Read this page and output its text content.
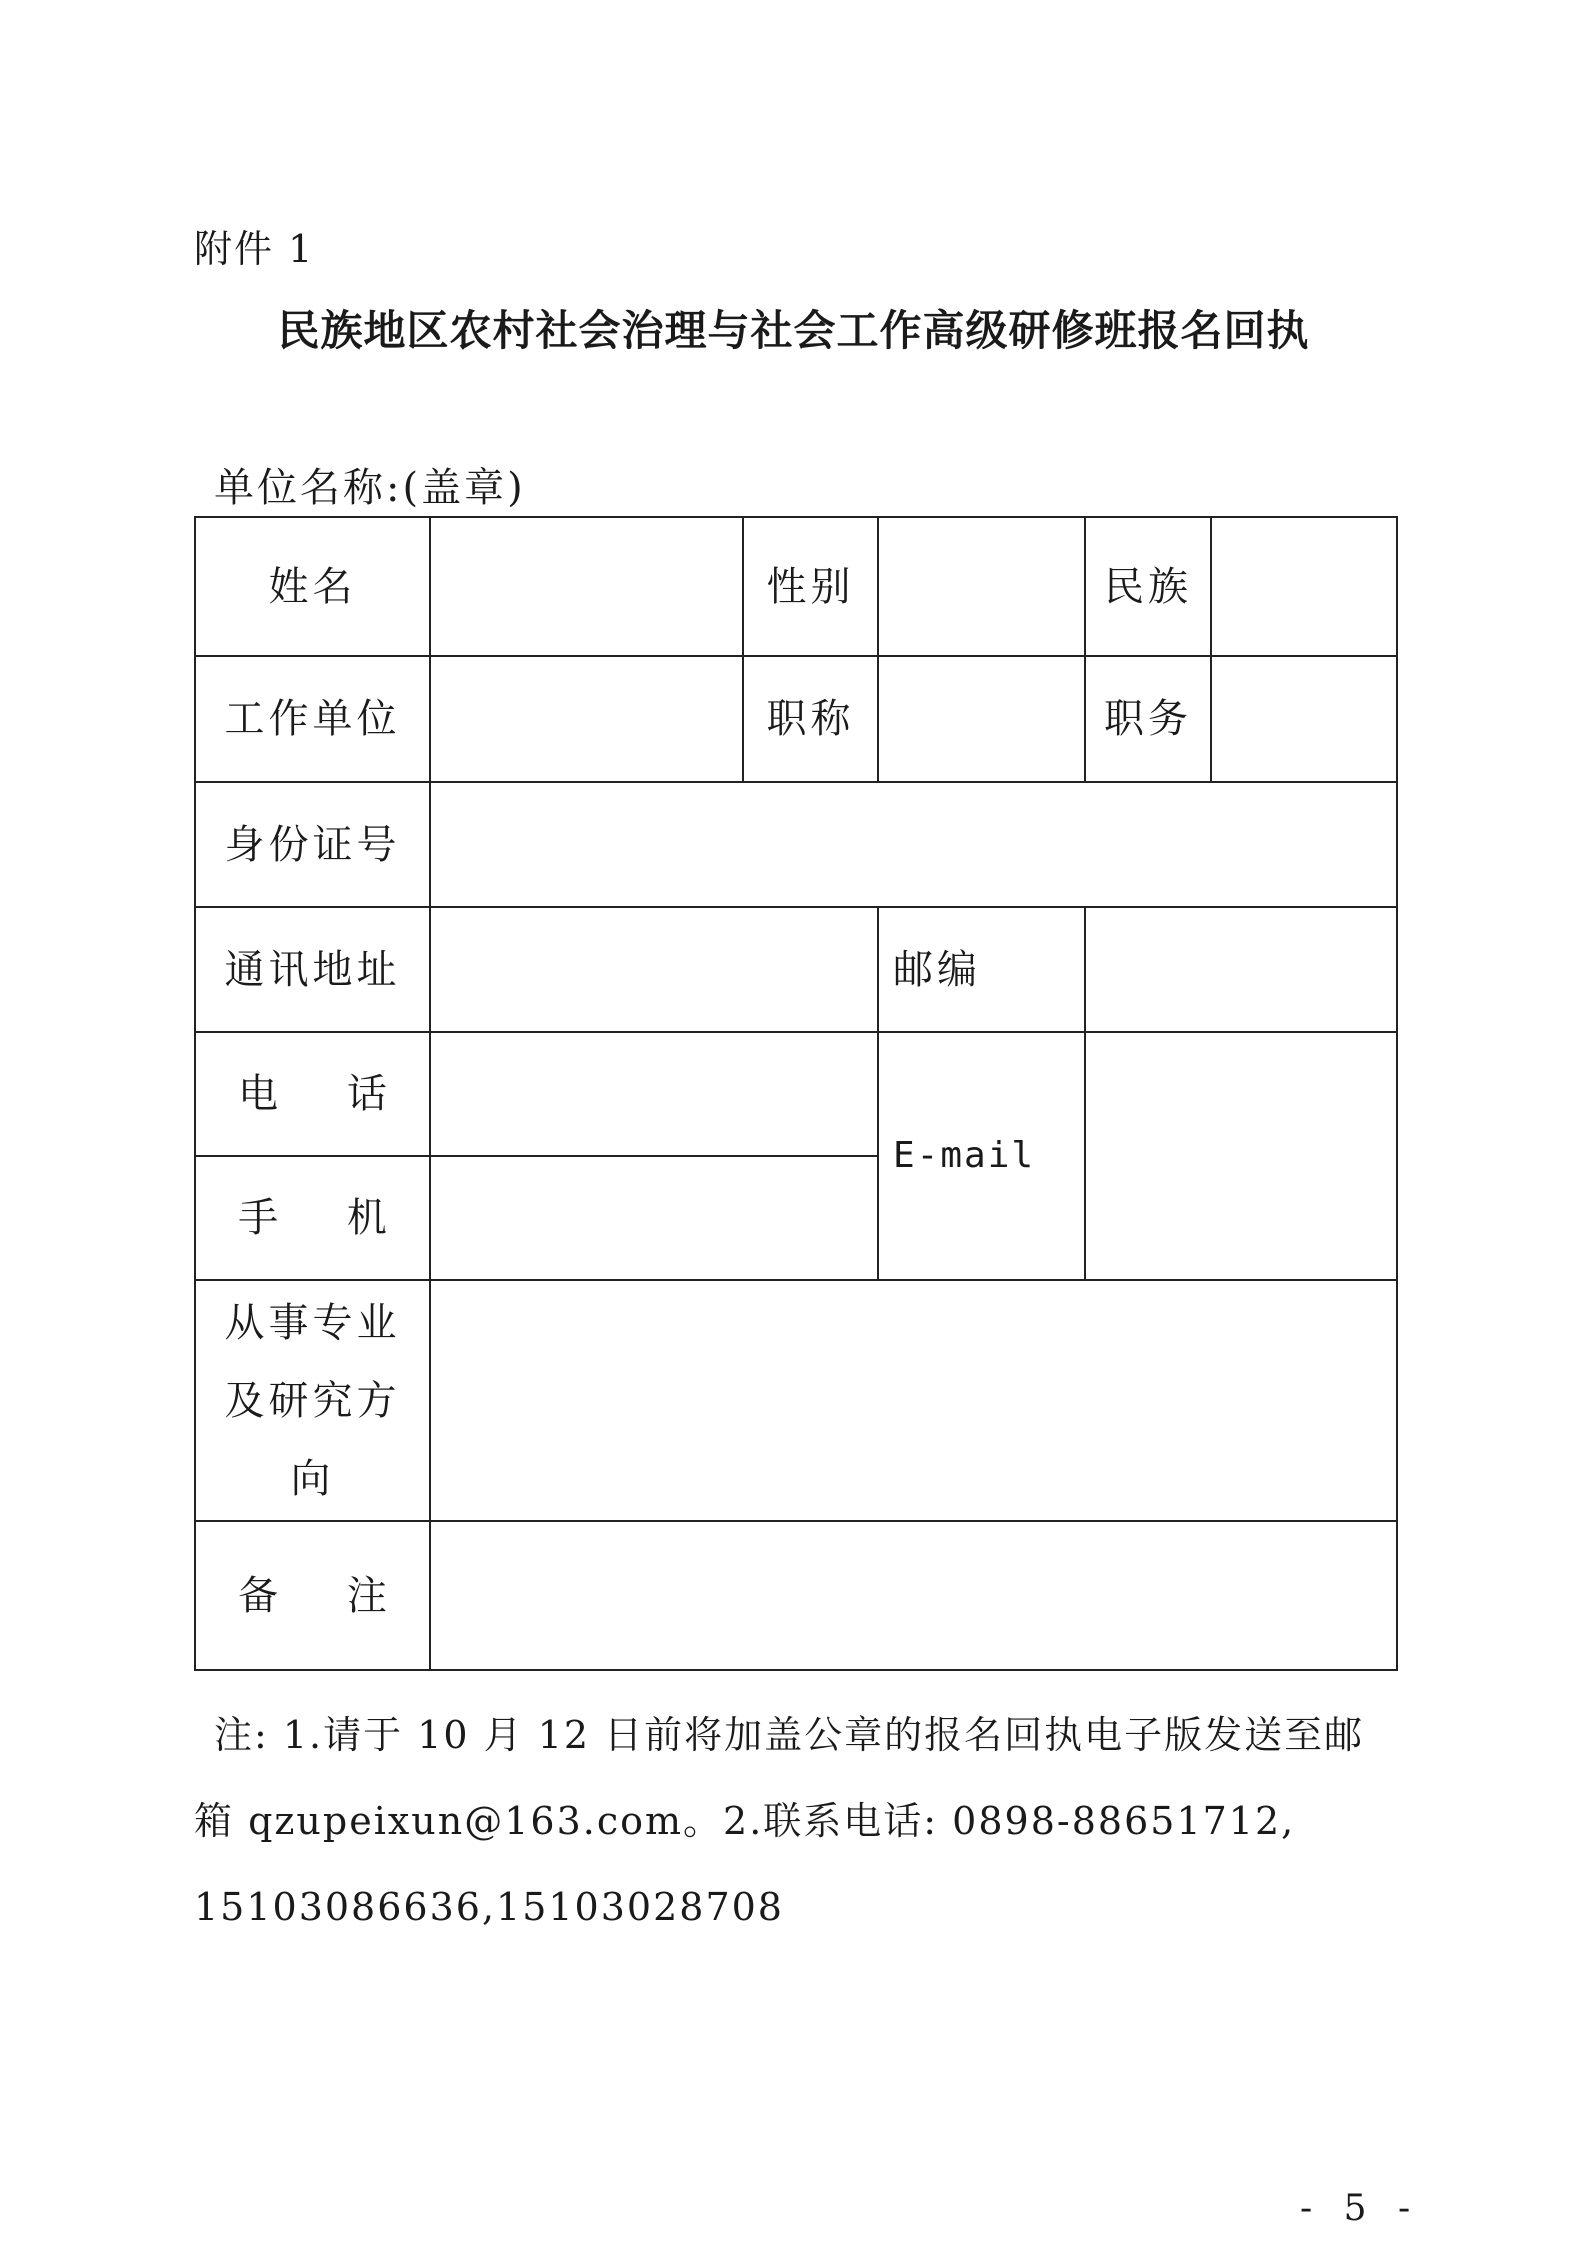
附件 1
民族地区农村社会治理与社会工作高级研修班报名回执
单位名称:(盖章)
姓名	性别	民族
工作单位	职称	职务
身份证号
通讯地址	邮编
电 话
手 机
E-mail
从事专业
及研究方
向
备 注

注: 1.请于 10 月 12 日前将加盖公章的报名回执电子版发送至邮

箱 qzupeixun@163.com。2.联系电话: 0898-88651712,

15103086636,15103028708

- 5 -
